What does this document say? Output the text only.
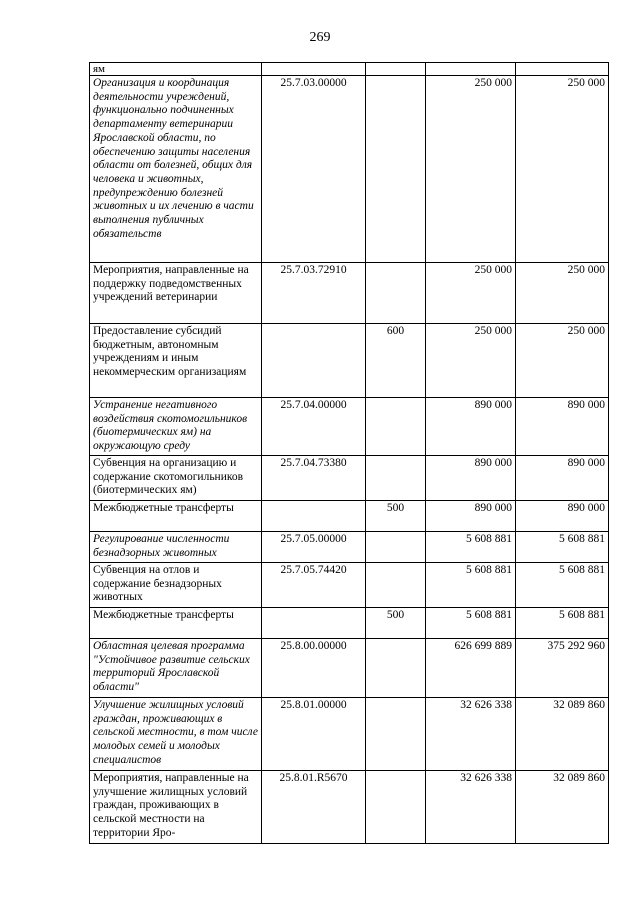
269
ям				
Организация и координация деятельности учреждений, функционально подчиненных департаменту ветеринарии Ярославской области, по обеспечению защиты населения области от болезней, общих для человека и животных, предупреждению болезней животных и их лечению в части выполнения публичных обязательств	25.7.03.00000		250 000	250 000
Мероприятия, направленные на поддержку подведомственных учреждений ветеринарии	25.7.03.72910		250 000	250 000
Предоставление субсидий бюджетным, автономным учреждениям и иным некоммерческим организациям		600	250 000	250 000
Устранение негативного воздействия скотомогильников (биотермических ям) на окружающую среду	25.7.04.00000		890 000	890 000
Субвенция на организацию и содержание скотомогильников (биотермических ям)	25.7.04.73380		890 000	890 000
Межбюджетные трансферты		500	890 000	890 000
Регулирование численности безнадзорных животных	25.7.05.00000		5 608 881	5 608 881
Субвенция на отлов и содержание безнадзорных животных	25.7.05.74420		5 608 881	5 608 881
Межбюджетные трансферты		500	5 608 881	5 608 881
Областная целевая программа "Устойчивое развитие сельских территорий Ярославской области"	25.8.00.00000		626 699 889	375 292 960
Улучшение жилищных условий граждан, проживающих в сельской местности, в том числе молодых семей и молодых специалистов	25.8.01.00000		32 626 338	32 089 860
Мероприятия, направленные на улучшение жилищных условий граждан, проживающих в сельской местности на территории Яро-	25.8.01.R5670		32 626 338	32 089 860
